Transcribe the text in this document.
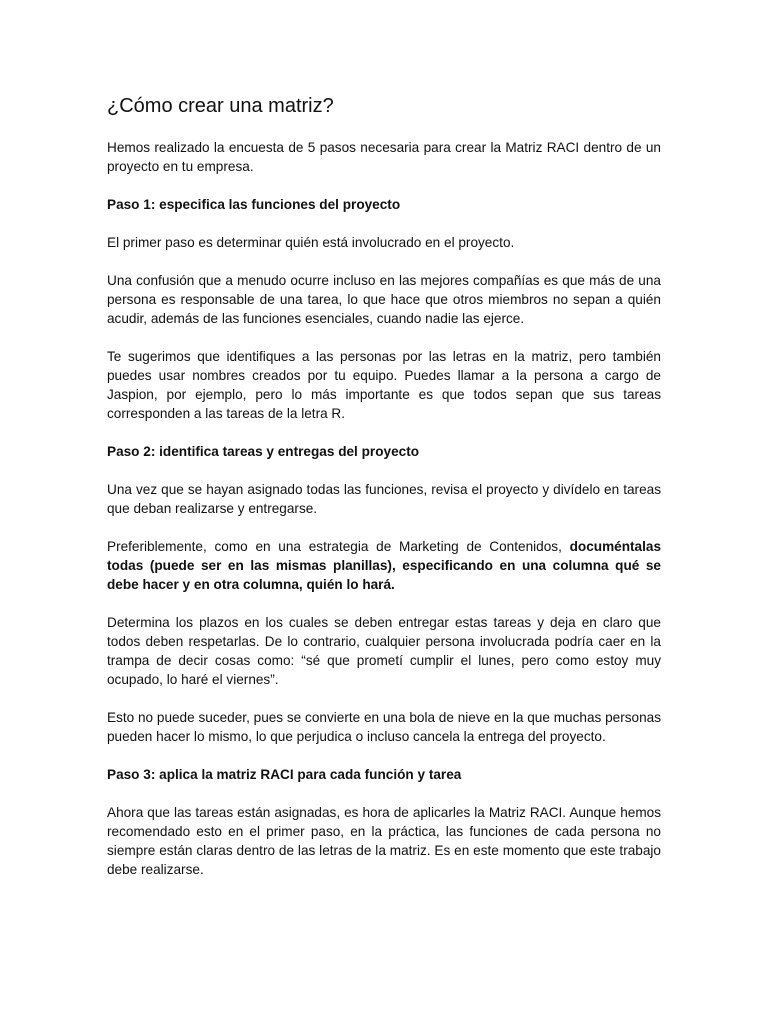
¿Cómo crear una matriz?

Hemos realizado la encuesta de 5 pasos necesaria para crear la Matriz RACI dentro de un proyecto en tu empresa.

Paso 1: especifica las funciones del proyecto

El primer paso es determinar quién está involucrado en el proyecto.

Una confusión que a menudo ocurre incluso en las mejores compañías es que más de una persona es responsable de una tarea, lo que hace que otros miembros no sepan a quién acudir, además de las funciones esenciales, cuando nadie las ejerce.

Te sugerimos que identifiques a las personas por las letras en la matriz, pero también puedes usar nombres creados por tu equipo. Puedes llamar a la persona a cargo de Jaspion, por ejemplo, pero lo más importante es que todos sepan que sus tareas corresponden a las tareas de la letra R.

Paso 2: identifica tareas y entregas del proyecto

Una vez que se hayan asignado todas las funciones, revisa el proyecto y divídelo en tareas que deban realizarse y entregarse.

Preferiblemente, como en una estrategia de Marketing de Contenidos, documéntalas todas (puede ser en las mismas planillas), especificando en una columna qué se debe hacer y en otra columna, quién lo hará.

Determina los plazos en los cuales se deben entregar estas tareas y deja en claro que todos deben respetarlas. De lo contrario, cualquier persona involucrada podría caer en la trampa de decir cosas como: “sé que prometí cumplir el lunes, pero como estoy muy ocupado, lo haré el viernes”.

Esto no puede suceder, pues se convierte en una bola de nieve en la que muchas personas pueden hacer lo mismo, lo que perjudica o incluso cancela la entrega del proyecto.

Paso 3: aplica la matriz RACI para cada función y tarea

Ahora que las tareas están asignadas, es hora de aplicarles la Matriz RACI. Aunque hemos recomendado esto en el primer paso, en la práctica, las funciones de cada persona no siempre están claras dentro de las letras de la matriz. Es en este momento que este trabajo debe realizarse.
